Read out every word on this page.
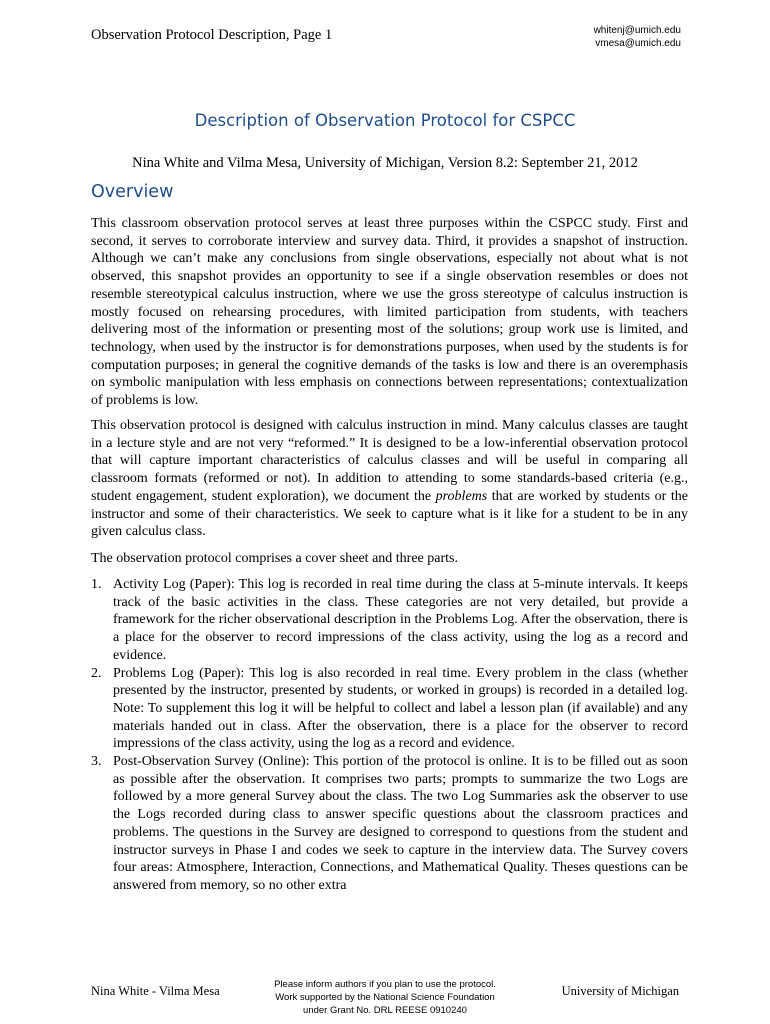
Observation Protocol Description, Page 1	whitenj@umich.edu
vmesa@umich.edu
Description of Observation Protocol for CSPCC
Nina White and Vilma Mesa, University of Michigan, Version 8.2: September 21, 2012
Overview

This classroom observation protocol serves at least three purposes within the CSPCC study. First and second, it serves to corroborate interview and survey data. Third, it provides a snapshot of instruction. Although we can’t make any conclusions from single observations, especially not about what is not observed, this snapshot provides an opportunity to see if a single observation resembles or does not resemble stereotypical calculus instruction, where we use the gross stereotype of calculus instruction is mostly focused on rehearsing procedures, with limited participation from students, with teachers delivering most of the information or presenting most of the solutions; group work use is limited, and technology, when used by the instructor is for demonstrations purposes, when used by the students is for computation purposes; in general the cognitive demands of the tasks is low and there is an overemphasis on symbolic manipulation with less emphasis on connections between representations; contextualization of problems is low.

This observation protocol is designed with calculus instruction in mind. Many calculus classes are taught in a lecture style and are not very “reformed.” It is designed to be a low-inferential observation protocol that will capture important characteristics of calculus classes and will be useful in comparing all classroom formats (reformed or not). In addition to attending to some standards-based criteria (e.g., student engagement, student exploration), we document the problems that are worked by students or the instructor and some of their characteristics. We seek to capture what is it like for a student to be in any given calculus class.

The observation protocol comprises a cover sheet and three parts.

1. Activity Log (Paper): This log is recorded in real time during the class at 5-minute intervals. It keeps track of the basic activities in the class. These categories are not very detailed, but provide a framework for the richer observational description in the Problems Log. After the observation, there is a place for the observer to record impressions of the class activity, using the log as a record and evidence.
2. Problems Log (Paper): This log is also recorded in real time. Every problem in the class (whether presented by the instructor, presented by students, or worked in groups) is recorded in a detailed log. Note: To supplement this log it will be helpful to collect and label a lesson plan (if available) and any materials handed out in class. After the observation, there is a place for the observer to record impressions of the class activity, using the log as a record and evidence.
3. Post-Observation Survey (Online): This portion of the protocol is online. It is to be filled out as soon as possible after the observation. It comprises two parts; prompts to summarize the two Logs are followed by a more general Survey about the class. The two Log Summaries ask the observer to use the Logs recorded during class to answer specific questions about the classroom practices and problems. The questions in the Survey are designed to correspond to questions from the student and instructor surveys in Phase I and codes we seek to capture in the interview data. The Survey covers four areas: Atmosphere, Interaction, Connections, and Mathematical Quality. Theses questions can be answered from memory, so no other extra
Nina White - Vilma Mesa	Please inform authors if you plan to use the protocol.
Work supported by the National Science Foundation
under Grant No. DRL REESE 0910240
University of Michigan
